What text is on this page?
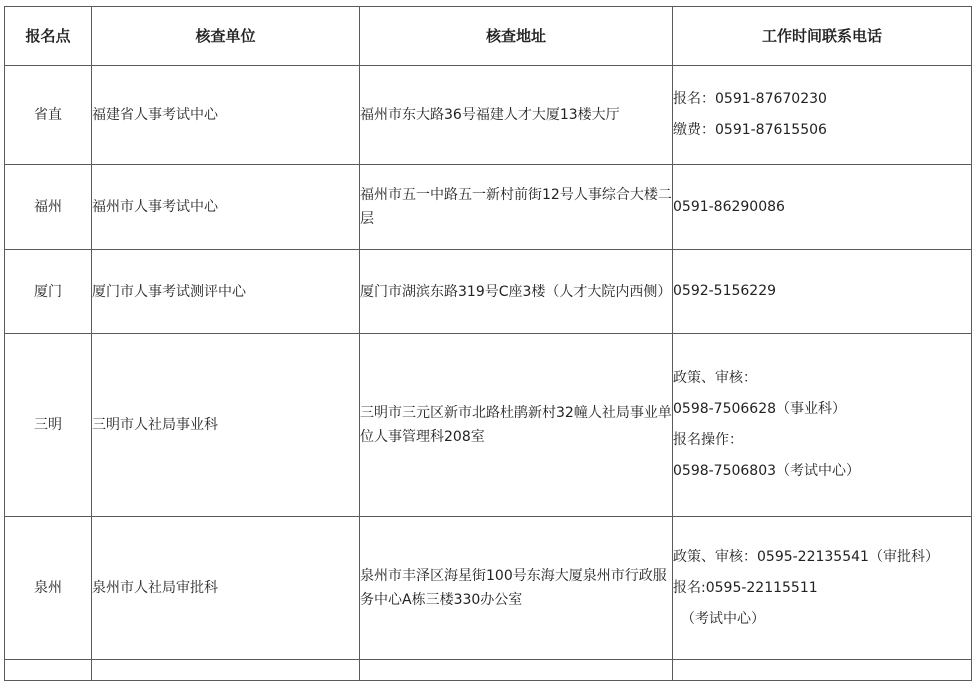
报名点	核查单位	核查地址	工作时间联系电话
省直	福建省人事考试中心	福州市东大路36号福建人才大厦13楼大厅	报名：0591-87670230
缴费：0591-87615506

福州	福州市人事考试中心	福州市五一中路五一新村前街12号人事综合大楼二层	0591-86290086

厦门	厦门市人事考试测评中心	厦门市湖滨东路319号C座3楼（人才大院内西侧）	0592-5156229

三明	三明市人社局事业科	三明市三元区新市北路杜鹃新村32幢人社局事业单位人事管理科208室	政策、审核：
0598-7506628（事业科）
报名操作：
0598-7506803（考试中心）

泉州	泉州市人社局审批科	泉州市丰泽区海星街100号东海大厦泉州市行政服务中心A栋三楼330办公室	政策、审核：0595-22135541（审批科）
报名:0595-22115511
（考试中心）
